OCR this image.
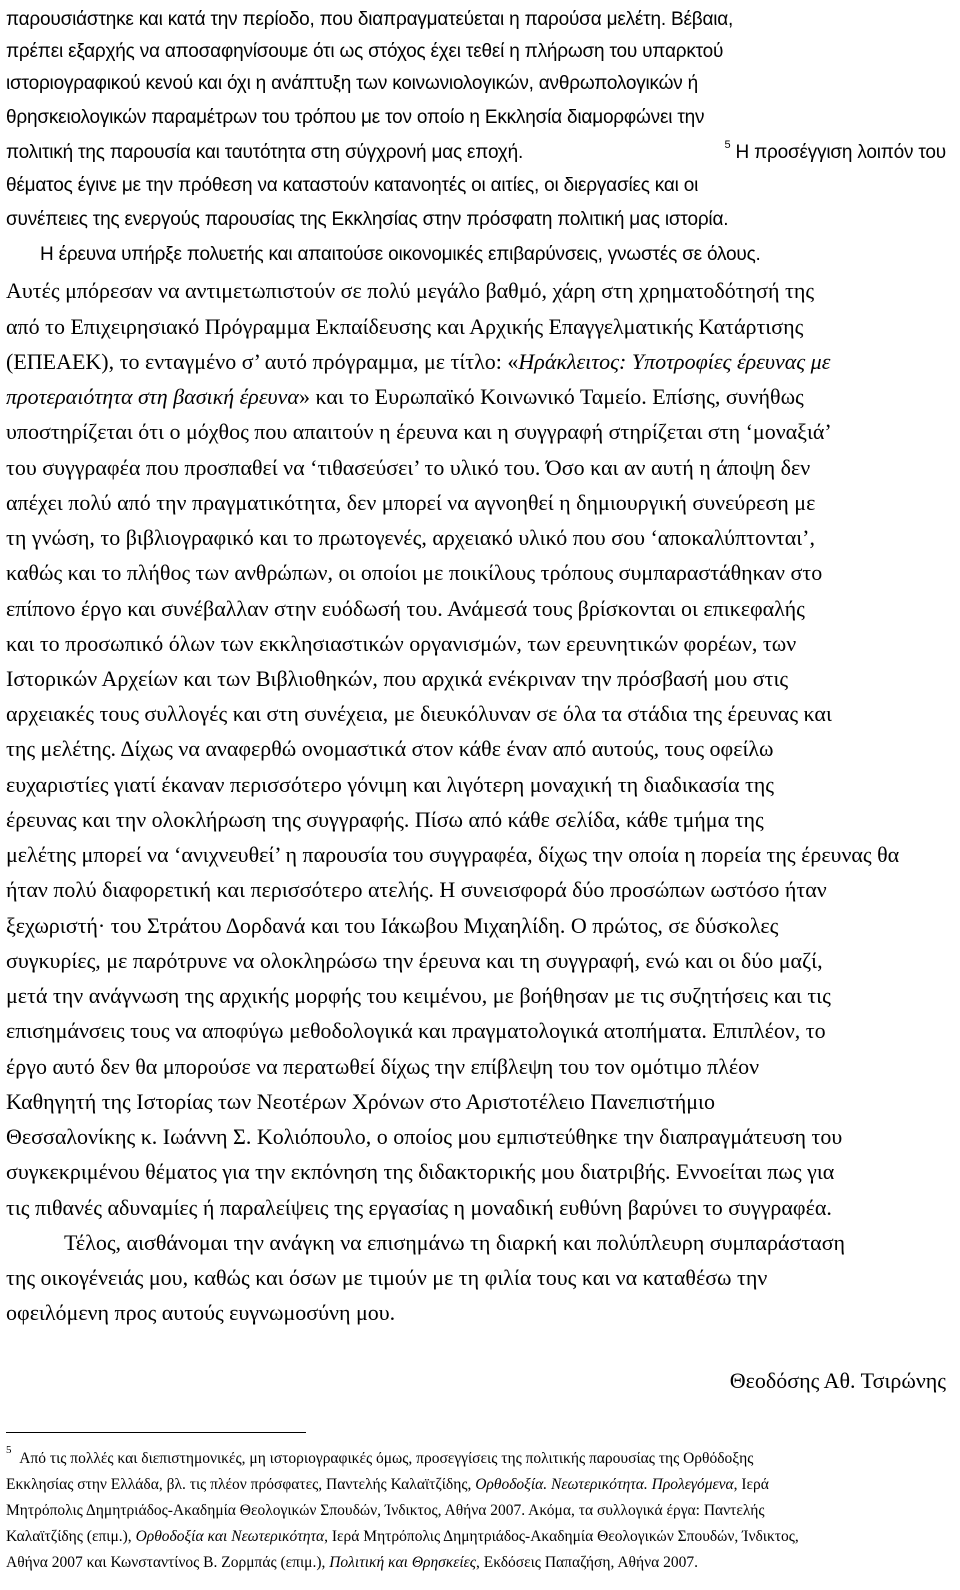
παρουσιάστηκε και κατά την περίοδο, που διαπραγματεύεται η παρούσα μελέτη. Βέβαια,
πρέπει εξαρχής να αποσαφηνίσουμε ότι ως στόχος έχει τεθεί η πλήρωση του υπαρκτού
ιστοριογραφικού κενού και όχι η ανάπτυξη των κοινωνιολογικών, ανθρωπολογικών ή
θρησκειολογικών παραμέτρων του τρόπου με τον οποίο η Εκκλησία διαμορφώνει την
πολιτική της παρουσία και ταυτότητα στη σύγχρονή μας εποχή.	$^5$ Η προσέγγιση λοιπόν του
θέματος έγινε με την πρόθεση να καταστούν κατανοητές οι αιτίες, οι διεργασίες και οι
συνέπειες της ενεργούς παρουσίας της Εκκλησίας στην πρόσφατη πολιτική μας ιστορία.
Η έρευνα υπήρξε πολυετής και απαιτούσε οικονομικές επιβαρύνσεις, γνωστές σε όλους.
Αυτές μπόρεσαν να αντιμετωπιστούν σε πολύ μεγάλο βαθμό, χάρη στη χρηματοδότησή της
από το Επιχειρησιακό Πρόγραμμα Εκπαίδευσης και Αρχικής Επαγγελματικής Κατάρτισης
(ΕΠΕΑΕΚ), το ενταγμένο σ’ αυτό πρόγραμμα, με τίτλο: «Ηράκλειτος: Υποτροφίες έρευνας με
προτεραιότητα στη βασική έρευνα» και το Ευρωπαϊκό Κοινωνικό Ταμείο. Επίσης, συνήθως
υποστηρίζεται ότι ο μόχθος που απαιτούν η έρευνα και η συγγραφή στηρίζεται στη ‘μοναξιά’
του συγγραφέα που προσπαθεί να ‘τιθασεύσει’ το υλικό του. Όσο και αν αυτή η άποψη δεν
απέχει πολύ από την πραγματικότητα, δεν μπορεί να αγνοηθεί η δημιουργική συνεύρεση με
τη γνώση, το βιβλιογραφικό και το πρωτογενές, αρχειακό υλικό που σου ‘αποκαλύπτονται’,
καθώς και το πλήθος των ανθρώπων, οι οποίοι με ποικίλους τρόπους συμπαραστάθηκαν στο
επίπονο έργο και συνέβαλλαν στην ευόδωσή του. Ανάμεσά τους βρίσκονται οι επικεφαλής
και το προσωπικό όλων των εκκλησιαστικών οργανισμών, των ερευνητικών φορέων, των
Ιστορικών Αρχείων και των Βιβλιοθηκών, που αρχικά ενέκριναν την πρόσβασή μου στις
αρχειακές τους συλλογές και στη συνέχεια, με διευκόλυναν σε όλα τα στάδια της έρευνας και
της μελέτης. Δίχως να αναφερθώ ονομαστικά στον κάθε έναν από αυτούς, τους οφείλω
ευχαριστίες γιατί έκαναν περισσότερο γόνιμη και λιγότερη μοναχική τη διαδικασία της
έρευνας και την ολοκλήρωση της συγγραφής. Πίσω από κάθε σελίδα, κάθε τμήμα της
μελέτης μπορεί να ‘ανιχνευθεί’ η παρουσία του συγγραφέα, δίχως την οποία η πορεία της έρευνας θα
ήταν πολύ διαφορετική και περισσότερο ατελής. Η συνεισφορά δύο προσώπων ωστόσο ήταν
ξεχωριστή· του Στράτου Δορδανά και του Ιάκωβου Μιχαηλίδη. Ο πρώτος, σε δύσκολες
συγκυρίες, με παρότρυνε να ολοκληρώσω την έρευνα και τη συγγραφή, ενώ και οι δύο μαζί,
μετά την ανάγνωση της αρχικής μορφής του κειμένου, με βοήθησαν με τις συζητήσεις και τις
επισημάνσεις τους να αποφύγω μεθοδολογικά και πραγματολογικά ατοπήματα. Επιπλέον, το
έργο αυτό δεν θα μπορούσε να περατωθεί δίχως την επίβλεψη του τον ομότιμο πλέον
Καθηγητή της Ιστορίας των Νεοτέρων Χρόνων στο Αριστοτέλειο Πανεπιστήμιο
Θεσσαλονίκης κ. Ιωάννη Σ. Κολιόπουλο, ο οποίος μου εμπιστεύθηκε την διαπραγμάτευση του
συγκεκριμένου θέματος για την εκπόνηση της διδακτορικής μου διατριβής. Εννοείται πως για
τις πιθανές αδυναμίες ή παραλείψεις της εργασίας η μοναδική ευθύνη βαρύνει το συγγραφέα.
Τέλος, αισθάνομαι την ανάγκη να επισημάνω τη διαρκή και πολύπλευρη συμπαράσταση
της οικογένειάς μου, καθώς και όσων με τιμούν με τη φιλία τους και να καταθέσω την
οφειλόμενη προς αυτούς ευγνωμοσύνη μου.
Θεοδόσης Αθ. Τσιρώνης
$^5$ Από τις πολλές και διεπιστημονικές, μη ιστοριογραφικές όμως, προσεγγίσεις της πολιτικής παρουσίας της Ορθόδοξης
Εκκλησίας στην Ελλάδα, βλ. τις πλέον πρόσφατες, Παντελής Καλαϊτζίδης, Ορθοδοξία. Νεωτερικότητα. Προλεγόμενα, Ιερά
Μητρόπολις Δημητριάδος-Ακαδημία Θεολογικών Σπουδών, Ίνδικτος, Αθήνα 2007. Ακόμα, τα συλλογικά έργα: Παντελής
Καλαϊτζίδης (επιμ.), Ορθοδοξία και Νεωτερικότητα, Ιερά Μητρόπολις Δημητριάδος-Ακαδημία Θεολογικών Σπουδών, Ίνδικτος,
Αθήνα 2007 και Κωνσταντίνος Β. Ζορμπάς (επιμ.), Πολιτική και Θρησκείες, Εκδόσεις Παπαζήση, Αθήνα 2007.
